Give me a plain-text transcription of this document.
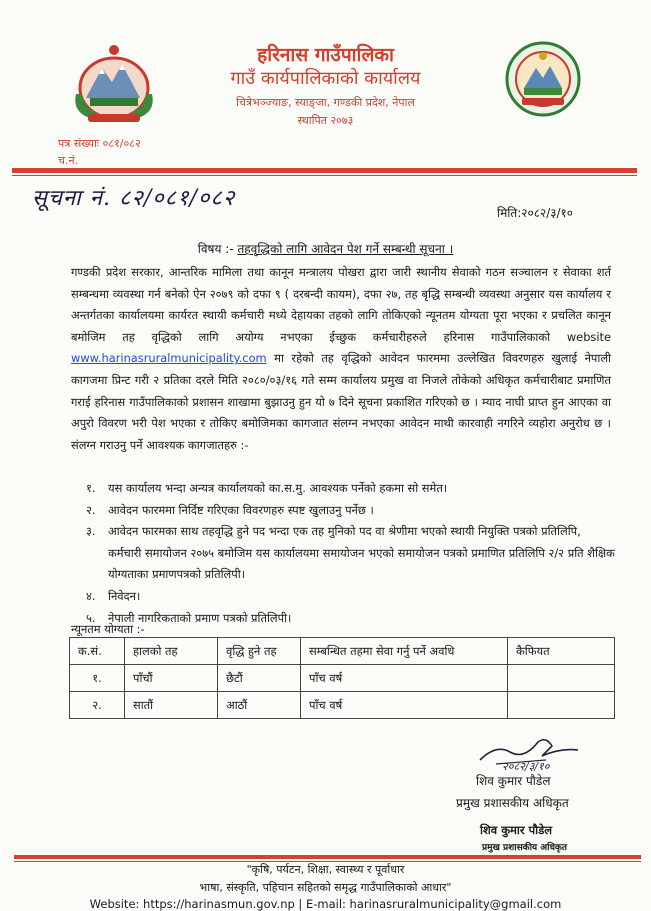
हरिनास गाउँपालिका
गाउँ कार्यपालिकाको कार्यालय
चित्रेभञ्ज्याङ, स्याङ्जा, गण्डकी प्रदेश, नेपाल
स्थापित २०७३
पत्र संख्याः ०८१/०८२
च.नं.
सूचना नं. ८२/०८१/०८२
मिति:२०८२/३/१०
विषय :- तहवृद्धिको लागि आवेदन पेश गर्ने सम्बन्धी सूचना ।
गण्डकी प्रदेश सरकार, आन्तरिक मामिला तथा कानून मन्त्रालय पोखरा द्वारा जारी स्थानीय सेवाको गठन सञ्चालन र सेवाका शर्त सम्बन्धमा व्यवस्था गर्न बनेको ऐन २०७९ को दफा ९ ( दरबन्दी कायम), दफा २७, तह बृद्धि सम्बन्धी व्यवस्था अनुसार यस कार्यालय र अन्तर्गतका कार्यालयमा कार्यरत स्थायी कर्मचारी मध्ये देहायका तहको लागि तोकिएको न्यूनतम योग्यता पूरा भएका र प्रचलित कानून बमोजिम तह वृद्धिको लागि अयोग्य नभएका ईच्छुक कर्मचारीहरुले हरिनास गाउँपालिकाको website www.harinasruralmunicipality.com मा रहेको तह वृद्धिको आवेदन फारममा उल्लेखित विवरणहरु खुलाई नेपाली कागजमा प्रिन्ट गरी २ प्रतिका दरले मिति २०८०/०३/१६ गते सम्म कार्यालय प्रमुख वा निजले तोकेको अधिकृत कर्मचारीबाट प्रमाणित गराई हरिनास गाउँपालिकाको प्रशासन शाखामा बुझाउनु हुन यो ७ दिने सूचना प्रकाशित गरिएको छ । म्याद नाघी प्राप्त हुन आएका वा अपुरो विवरण भरी पेश भएका र तोकिए बमोजिमका कागजात संलग्न नभएका आवेदन माथी कारवाही नगरिने व्यहोरा अनुरोध छ । संलग्न गराउनु पर्ने आवश्यक कागजातहरु :-
१.	यस कार्यालय भन्दा अन्यत्र कार्यालयको का.स.मु. आवश्यक पर्नेको हकमा सो समेत।
२.	आवेदन फारममा निर्दिष्ट गरिएका विवरणहरु स्पष्ट खुलाउनु पर्नेछ ।
३.	आवेदन फारमका साथ तहवृद्धि हुने पद भन्दा एक तह मुनिको पद वा श्रेणीमा भएको स्थायी नियुक्ति पत्रको प्रतिलिपि, कर्मचारी समायोजन २०७५ बमोजिम यस कार्यालयमा समायोजन भएको समायोजन पत्रको प्रमाणित प्रतिलिपि २/२ प्रति शैक्षिक योग्यताका प्रमाणपत्रको प्रतिलिपी।
४.	निवेदन।
५.	नेपाली नागरिकताको प्रमाण पत्रको प्रतिलिपी।
न्यूनतम योग्यता :-
क.सं.	हालको तह	वृद्धि हुने तह	सम्बन्धित तहमा सेवा गर्नु पर्ने अवधि	कैफियत
१.	पाँचौं	छैटौं	पाँच वर्ष	
२.	सातौं	आठौं	पाँच वर्ष	
२०८२/३/१०
शिव कुमार पौडेल
प्रमुख प्रशासकीय अधिकृत
शिव कुमार पौडेल
प्रमुख प्रशासकीय अधिकृत
"कृषि, पर्यटन, शिक्षा, स्वास्थ्य र पूर्वाधार
भाषा, संस्कृति, पहिचान सहितको समृद्ध गाउँपालिकाको आधार"
Website: https://harinasmun.gov.np | E-mail: harinasruralmunicipality@gmail.com
